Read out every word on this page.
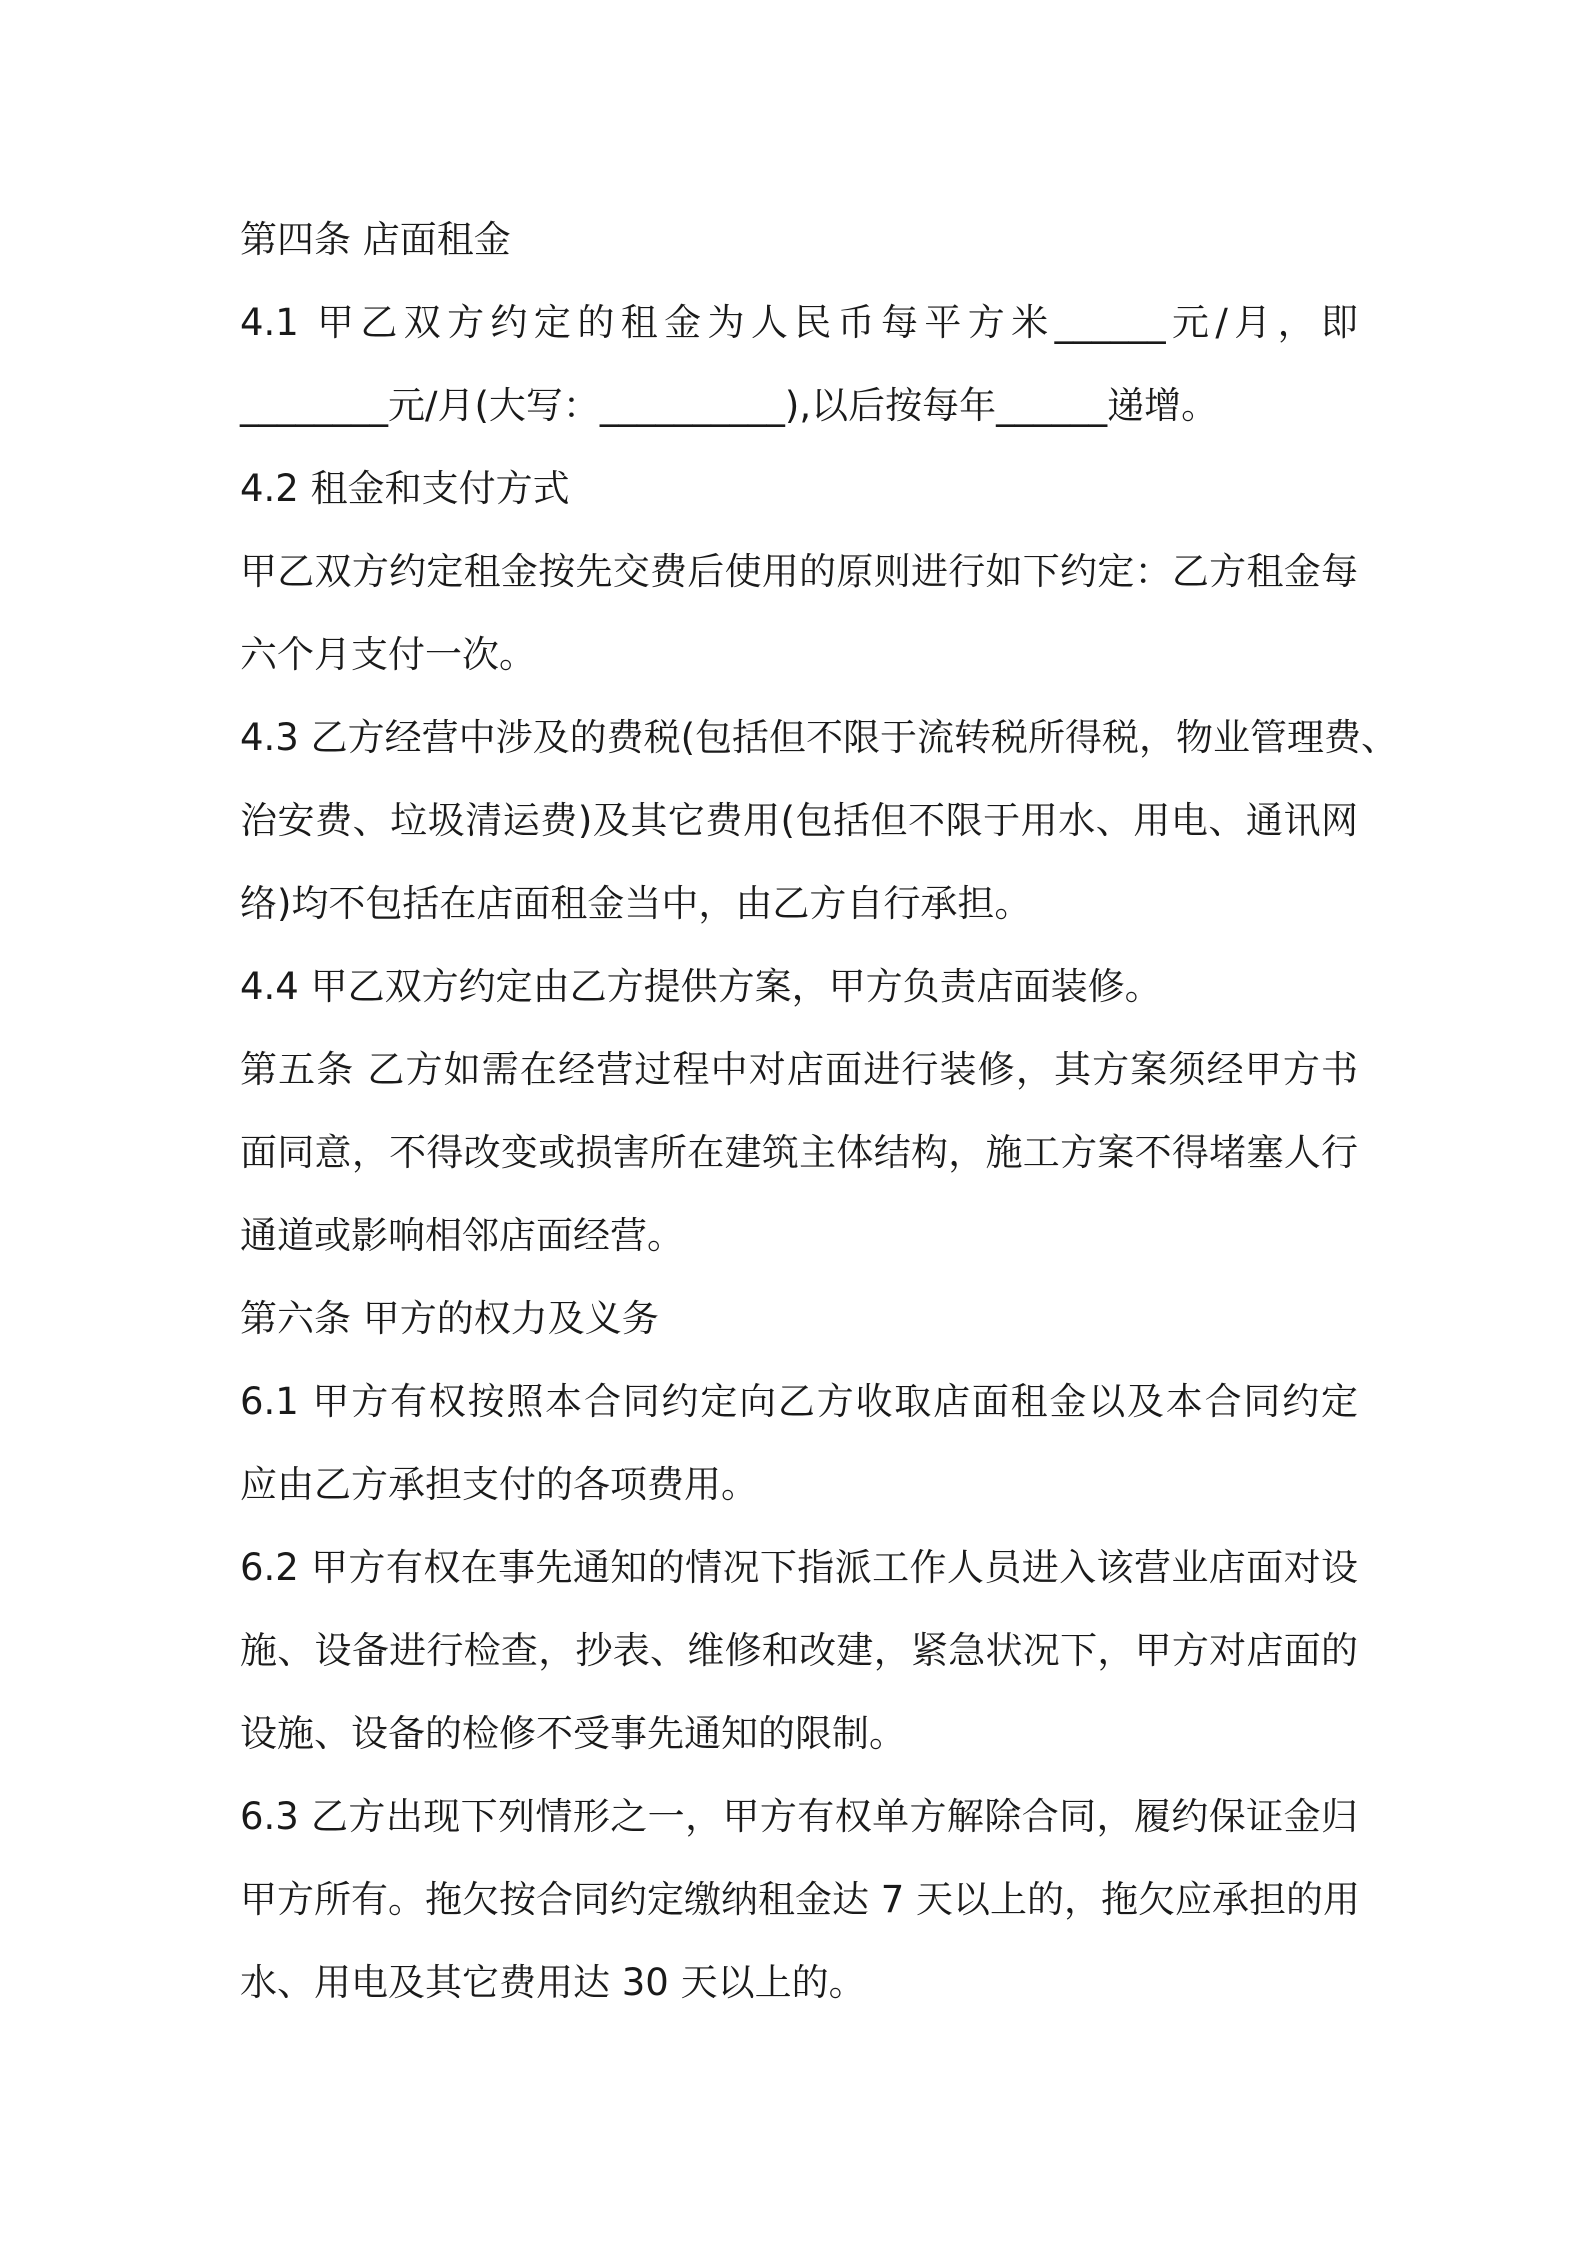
第四条 店面租金
4.1 甲乙双方约定的租金为人民币每平方米______元/月，即
________元/月(大写：__________),以后按每年______递增。
4.2 租金和支付方式
甲乙双方约定租金按先交费后使用的原则进行如下约定：乙方租金每
六个月支付一次。
4.3 乙方经营中涉及的费税(包括但不限于流转税所得税，物业管理费、
治安费、垃圾清运费)及其它费用(包括但不限于用水、用电、通讯网
络)均不包括在店面租金当中，由乙方自行承担。
4.4 甲乙双方约定由乙方提供方案，甲方负责店面装修。
第五条 乙方如需在经营过程中对店面进行装修，其方案须经甲方书
面同意，不得改变或损害所在建筑主体结构，施工方案不得堵塞人行
通道或影响相邻店面经营。
第六条 甲方的权力及义务
6.1 甲方有权按照本合同约定向乙方收取店面租金以及本合同约定
应由乙方承担支付的各项费用。
6.2 甲方有权在事先通知的情况下指派工作人员进入该营业店面对设
施、设备进行检查，抄表、维修和改建，紧急状况下，甲方对店面的
设施、设备的检修不受事先通知的限制。
6.3 乙方出现下列情形之一，甲方有权单方解除合同，履约保证金归
甲方所有。拖欠按合同约定缴纳租金达 7 天以上的，拖欠应承担的用
水、用电及其它费用达 30 天以上的。
